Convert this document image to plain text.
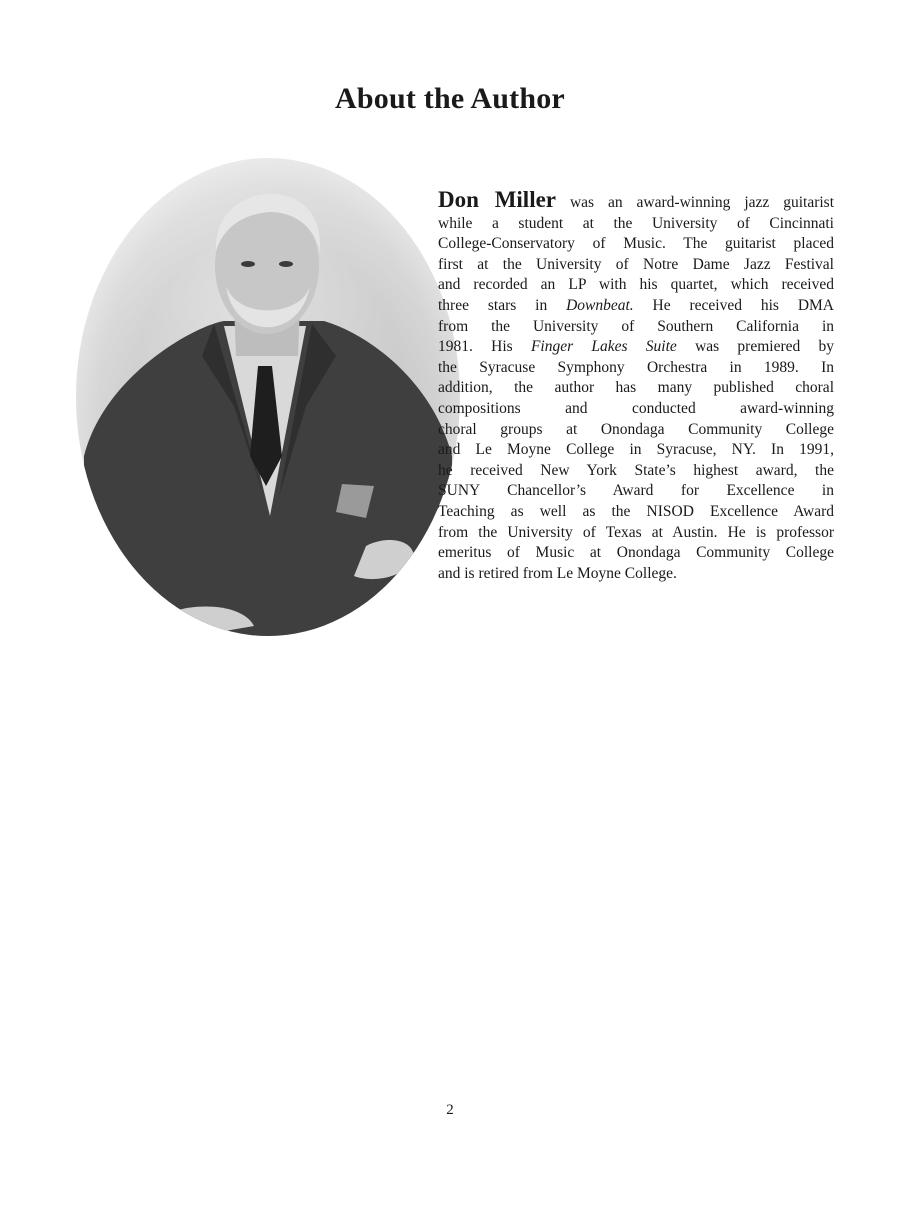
About the Author

Don Miller was an award-winning jazz guitarist
while a student at the University of Cincinnati
College-Conservatory of Music. The guitarist placed
first at the University of Notre Dame Jazz Festival
and recorded an LP with his quartet, which received
three stars in Downbeat. He received his DMA
from the University of Southern California in
1981. His Finger Lakes Suite was premiered by
the Syracuse Symphony Orchestra in 1989. In
addition, the author has many published choral
compositions and conducted award-winning
choral groups at Onondaga Community College
and Le Moyne College in Syracuse, NY. In 1991,
he received New York State’s highest award, the
SUNY Chancellor’s Award for Excellence in
Teaching as well as the NISOD Excellence Award
from the University of Texas at Austin. He is professor
emeritus of Music at Onondaga Community College
and is retired from Le Moyne College.

2
